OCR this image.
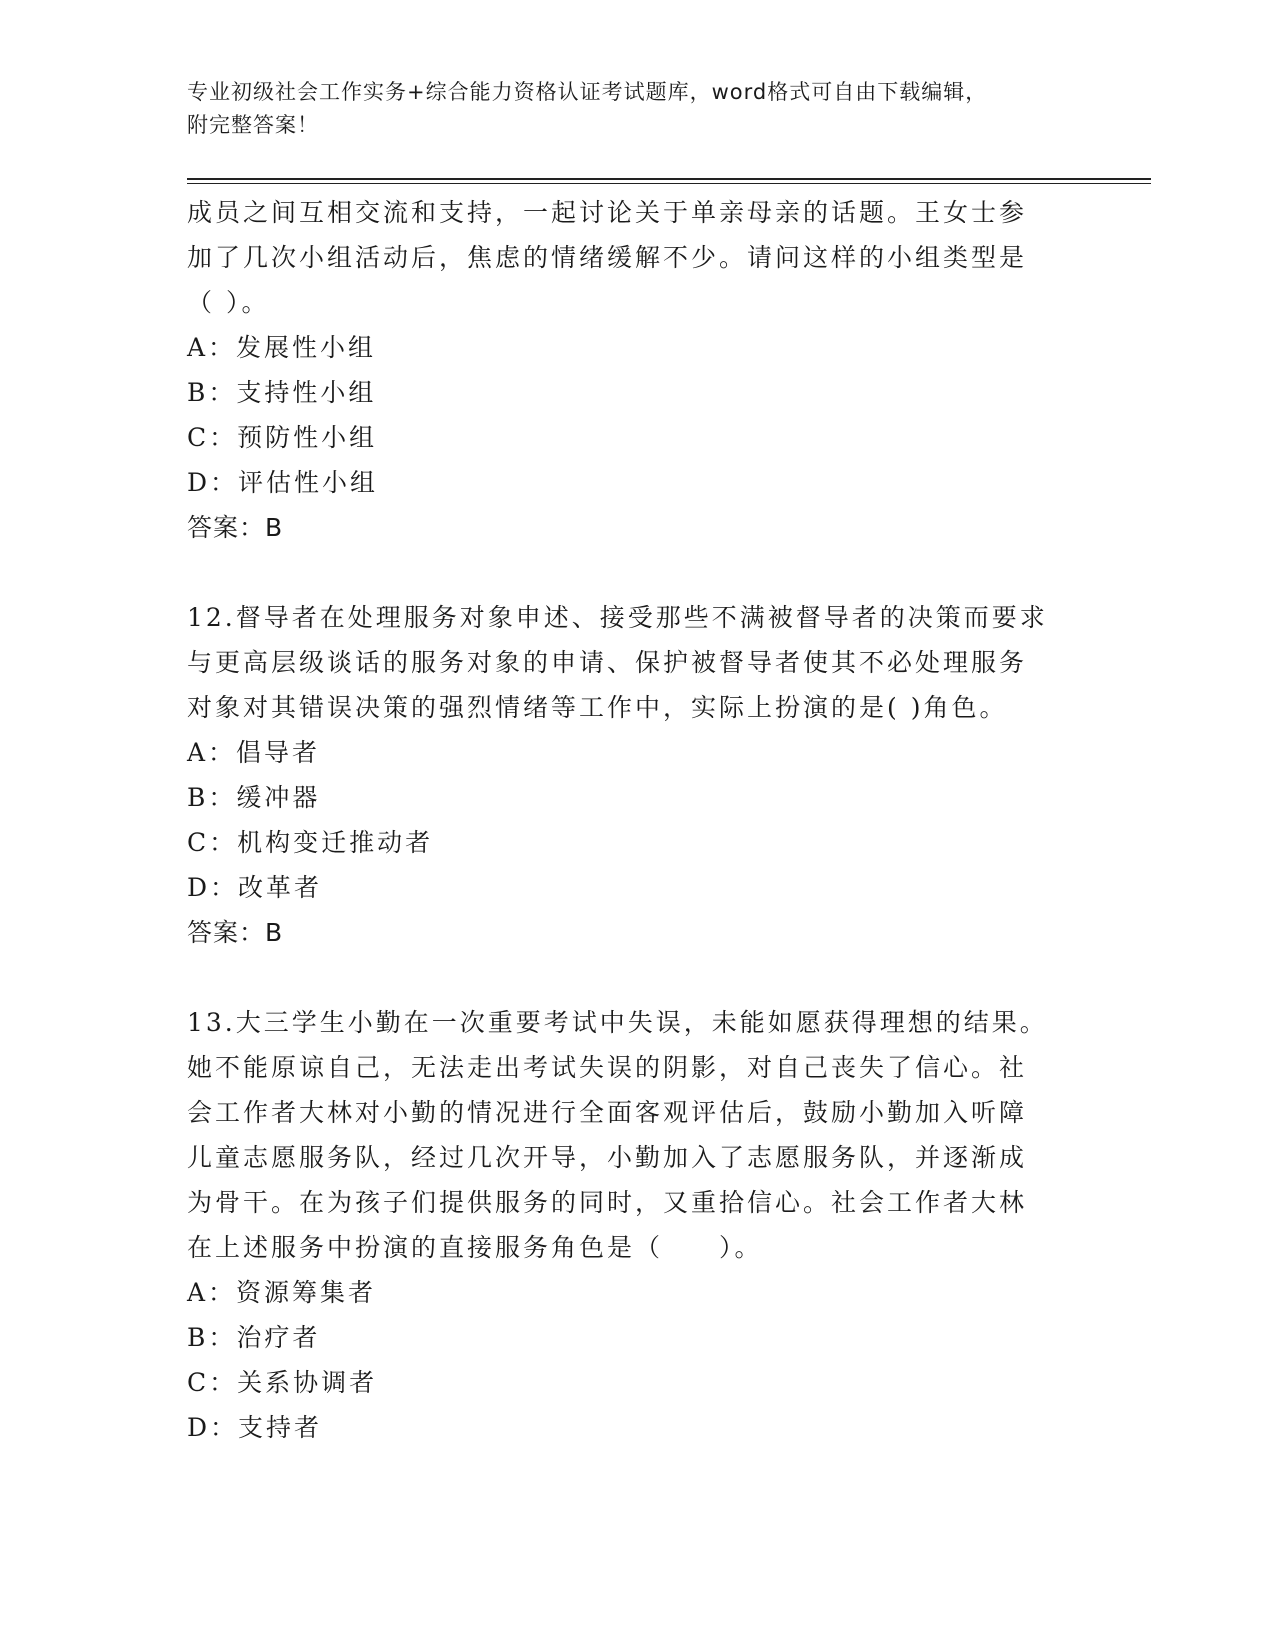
专业初级社会工作实务+综合能力资格认证考试题库，word格式可自由下载编辑，
附完整答案！

成员之间互相交流和支持，一起讨论关于单亲母亲的话题。王女士参

加了几次小组活动后，焦虑的情绪缓解不少。请问这样的小组类型是

（ ）。

A：发展性小组

B：支持性小组

C：预防性小组

D：评估性小组

答案：B

12.督导者在处理服务对象申述、接受那些不满被督导者的决策而要求

与更高层级谈话的服务对象的申请、保护被督导者使其不必处理服务

对象对其错误决策的强烈情绪等工作中，实际上扮演的是( )角色。

A：倡导者

B：缓冲器

C：机构变迁推动者

D：改革者

答案：B

13.大三学生小勤在一次重要考试中失误，未能如愿获得理想的结果。

她不能原谅自己，无法走出考试失误的阴影，对自己丧失了信心。社

会工作者大林对小勤的情况进行全面客观评估后，鼓励小勤加入听障

儿童志愿服务队，经过几次开导，小勤加入了志愿服务队，并逐渐成

为骨干。在为孩子们提供服务的同时，又重拾信心。社会工作者大林

在上述服务中扮演的直接服务角色是（　　）。

A：资源筹集者

B：治疗者

C：关系协调者

D：支持者
